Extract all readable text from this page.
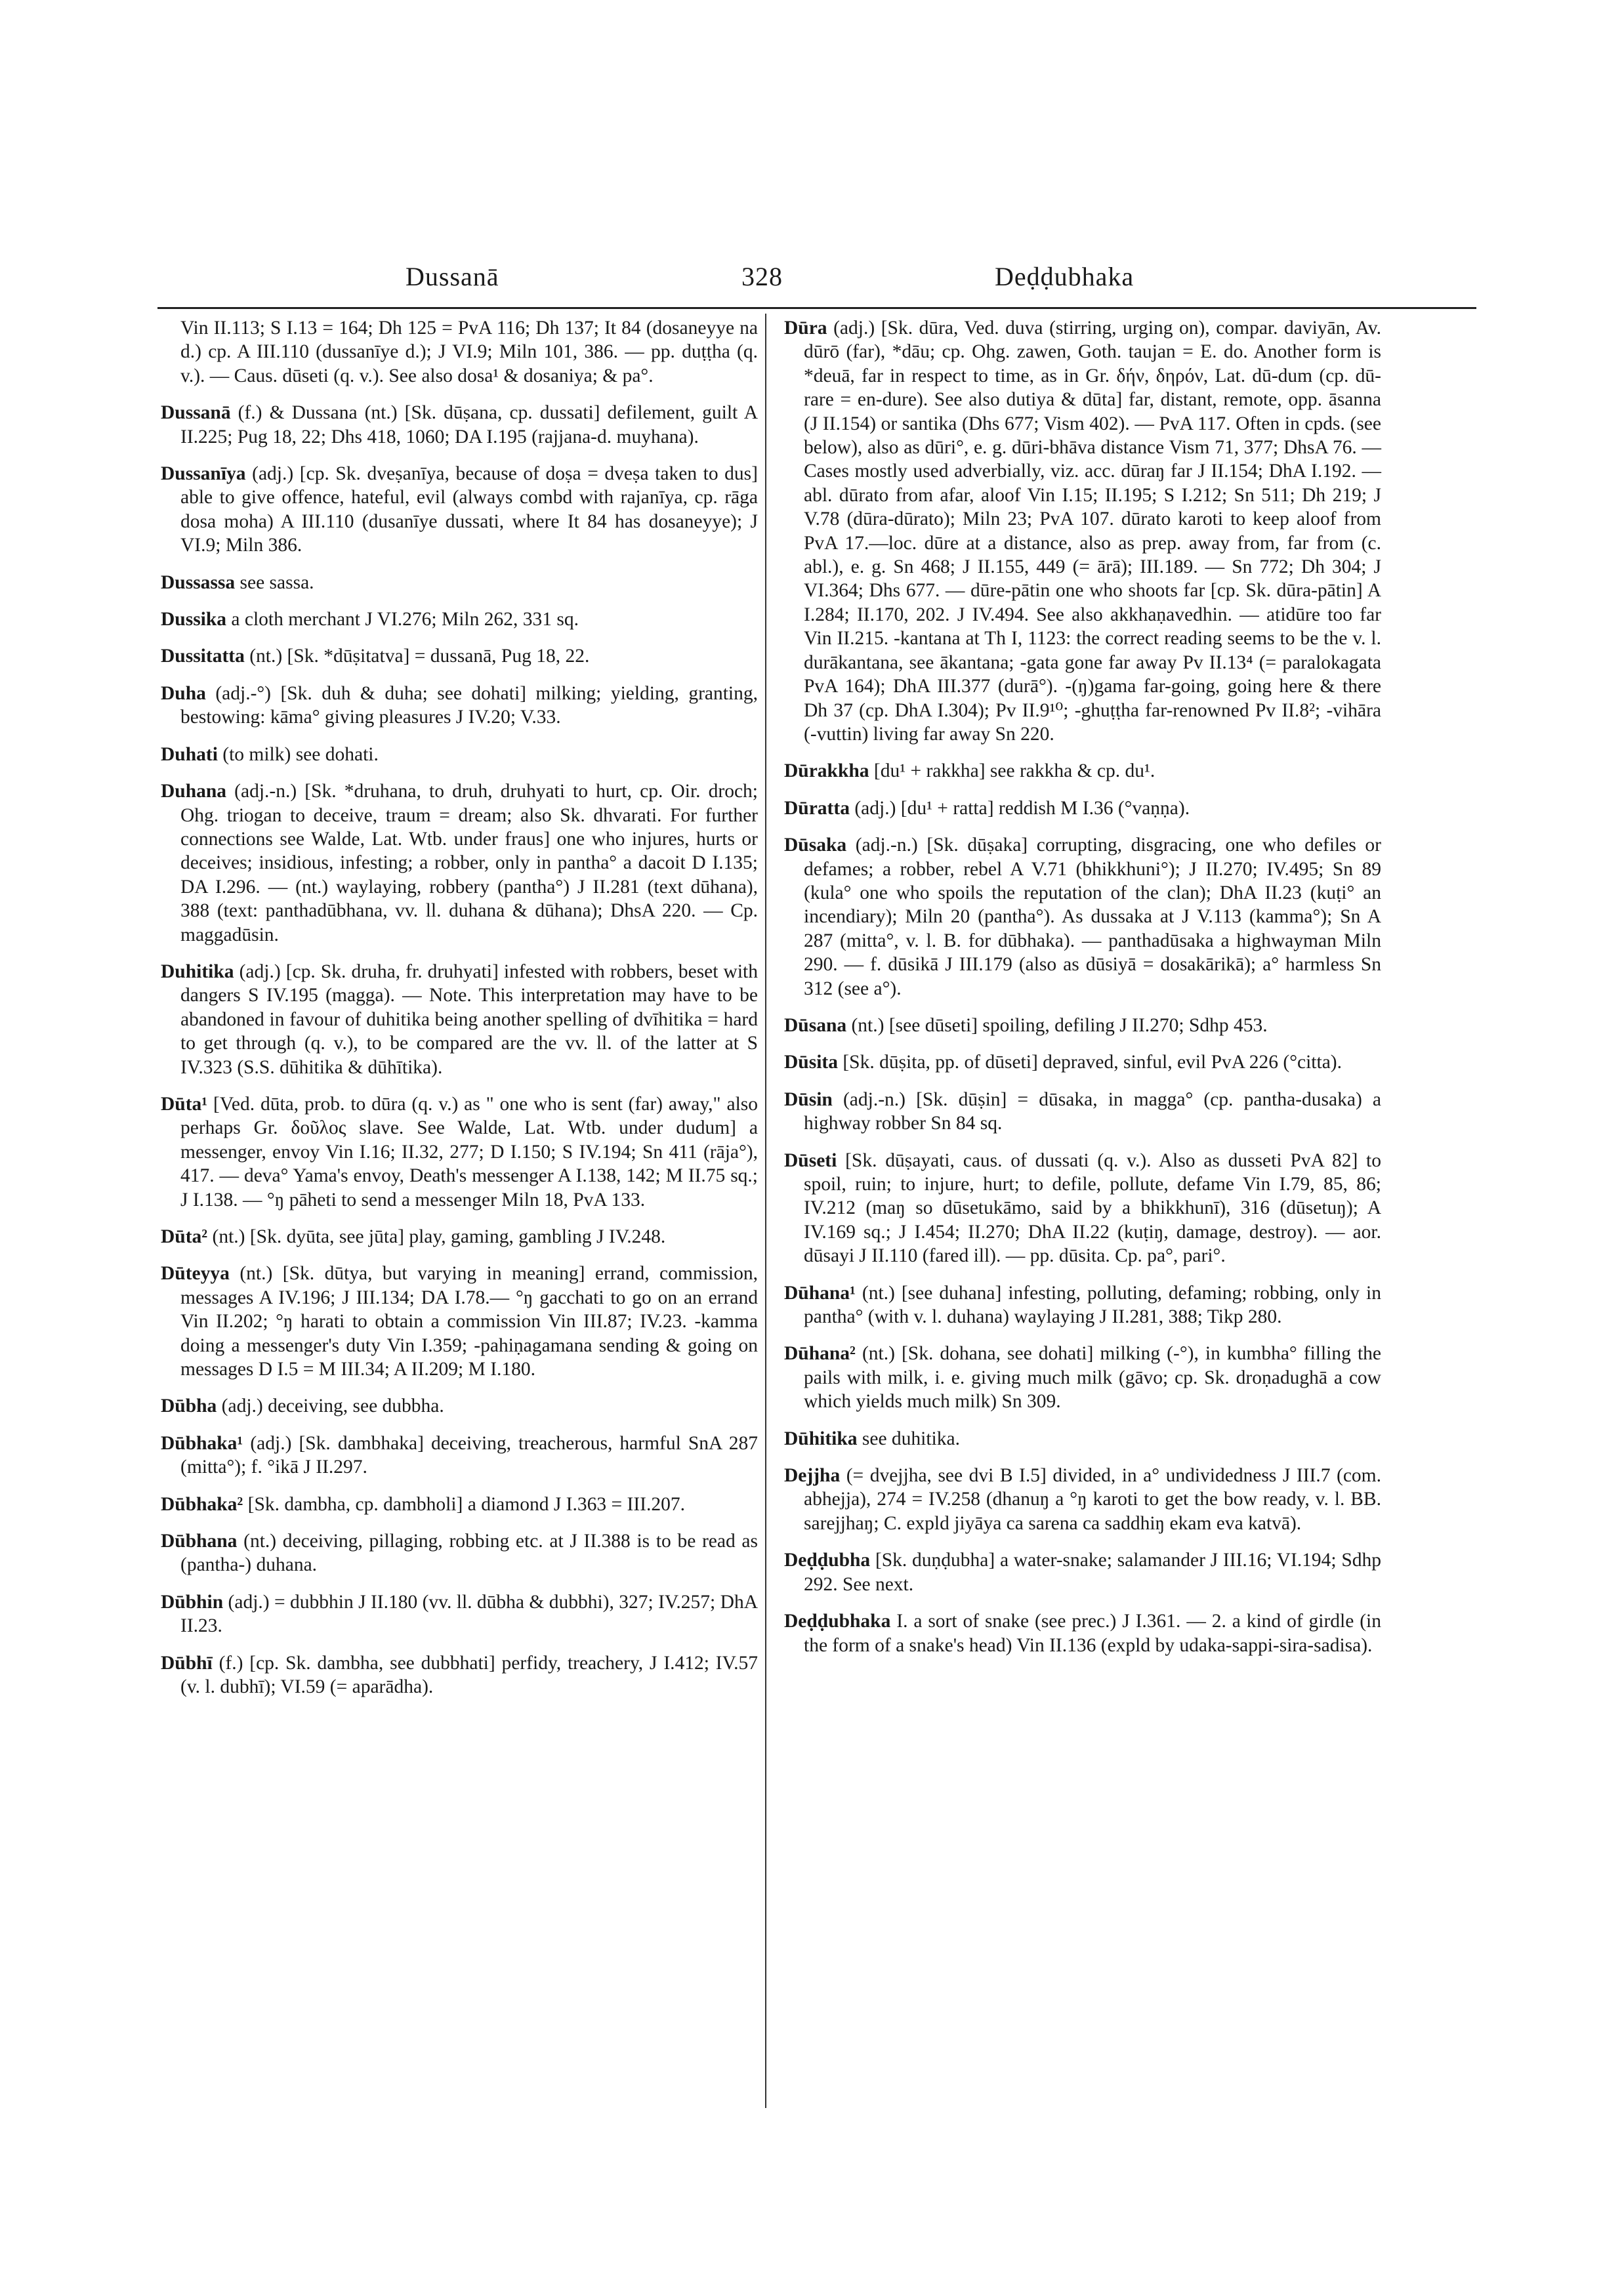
Dussanā	328	Deḍḍubhaka

Vin II.113; S I.13 = 164; Dh 125 = PvA 116; Dh 137; It 84 (dosaneyye na d.) cp. A III.110 (dussanīye d.); J VI.9; Miln 101, 386. — pp. duṭṭha (q. v.). — Caus. dūseti (q. v.). See also dosa¹ & dosaniya; & pa°.

Dussanā (f.) & Dussana (nt.) [Sk. dūṣana, cp. dussati] defilement, guilt A II.225; Pug 18, 22; Dhs 418, 1060; DA I.195 (rajjana-d. muyhana).

Dussanīya (adj.) [cp. Sk. dveṣanīya, because of doṣa = dveṣa taken to dus] able to give offence, hateful, evil (always combd with rajanīya, cp. rāga dosa moha) A III.110 (dusanīye dussati, where It 84 has dosaneyye); J VI.9; Miln 386.

Dussassa see sassa.

Dussika a cloth merchant J VI.276; Miln 262, 331 sq.

Dussitatta (nt.) [Sk. *dūṣitatva] = dussanā, Pug 18, 22.

Duha (adj.-°) [Sk. duh & duha; see dohati] milking; yielding, granting, bestowing: kāma° giving pleasures J IV.20; V.33.

Duhati (to milk) see dohati.

Duhana (adj.-n.) [Sk. *druhana, to druh, druhyati to hurt, cp. Oir. droch; Ohg. triogan to deceive, traum = dream; also Sk. dhvarati. For further connections see Walde, Lat. Wtb. under fraus] one who injures, hurts or deceives; insidious, infesting; a robber, only in pantha° a dacoit D I.135; DA I.296. — (nt.) waylaying, robbery (pantha°) J II.281 (text dūhana), 388 (text: panthadūbhana, vv. ll. duhana & dūhana); DhsA 220. — Cp. maggadūsin.

Duhitika (adj.) [cp. Sk. druha, fr. druhyati] infested with robbers, beset with dangers S IV.195 (magga). — Note. This interpretation may have to be abandoned in favour of duhitika being another spelling of dvīhitika = hard to get through (q. v.), to be compared are the vv. ll. of the latter at S IV.323 (S.S. dūhitika & dūhītika).

Dūta¹ [Ved. dūta, prob. to dūra (q. v.) as " one who is sent (far) away," also perhaps Gr. δοῦλος slave. See Walde, Lat. Wtb. under dudum] a messenger, envoy Vin I.16; II.32, 277; D I.150; S IV.194; Sn 411 (rāja°), 417. — deva° Yama's envoy, Death's messenger A I.138, 142; M II.75 sq.; J I.138. — °ŋ pāheti to send a messenger Miln 18, PvA 133.

Dūta² (nt.) [Sk. dyūta, see jūta] play, gaming, gambling J IV.248.

Dūteyya (nt.) [Sk. dūtya, but varying in meaning] errand, commission, messages A IV.196; J III.134; DA I.78.— °ŋ gacchati to go on an errand Vin II.202; °ŋ harati to obtain a commission Vin III.87; IV.23. -kamma doing a messenger's duty Vin I.359; -pahiṇagamana sending & going on messages D I.5 = M III.34; A II.209; M I.180.

Dūbha (adj.) deceiving, see dubbha.

Dūbhaka¹ (adj.) [Sk. dambhaka] deceiving, treacherous, harmful SnA 287 (mitta°); f. °ikā J II.297.

Dūbhaka² [Sk. dambha, cp. dambholi] a diamond J I.363 = III.207.

Dūbhana (nt.) deceiving, pillaging, robbing etc. at J II.388 is to be read as (pantha-) duhana.

Dūbhin (adj.) = dubbhin J II.180 (vv. ll. dūbha & dubbhi), 327; IV.257; DhA II.23.

Dūbhī (f.) [cp. Sk. dambha, see dubbhati] perfidy, treachery, J I.412; IV.57 (v. l. dubhī); VI.59 (= aparādha).

Dūra (adj.) [Sk. dūra, Ved. duva (stirring, urging on), compar. daviyān, Av. dūrō (far), *dāu; cp. Ohg. zawen, Goth. taujan = E. do. Another form is *deuā, far in respect to time, as in Gr. δήν, δηρόν, Lat. dū-dum (cp. dū-rare = en-dure). See also dutiya & dūta] far, distant, remote, opp. āsanna (J II.154) or santika (Dhs 677; Vism 402). — PvA 117. Often in cpds. (see below), also as dūri°, e. g. dūri-bhāva distance Vism 71, 377; DhsA 76. — Cases mostly used adverbially, viz. acc. dūraŋ far J II.154; DhA I.192. — abl. dūrato from afar, aloof Vin I.15; II.195; S I.212; Sn 511; Dh 219; J V.78 (dūra-dūrato); Miln 23; PvA 107. dūrato karoti to keep aloof from PvA 17.—loc. dūre at a distance, also as prep. away from, far from (c. abl.), e. g. Sn 468; J II.155, 449 (= ārā); III.189. — Sn 772; Dh 304; J VI.364; Dhs 677. — dūre-pātin one who shoots far [cp. Sk. dūra-pātin] A I.284; II.170, 202. J IV.494. See also akkhaṇavedhin. — atidūre too far Vin II.215. -kantana at Th I, 1123: the correct reading seems to be the v. l. durākantana, see ākantana; -gata gone far away Pv II.13⁴ (= paralokagata PvA 164); DhA III.377 (durā°). -(ŋ)gama far-going, going here & there Dh 37 (cp. DhA I.304); Pv II.9¹⁰; -ghuṭṭha far-renowned Pv II.8²; -vihāra (-vuttin) living far away Sn 220.

Dūrakkha [du¹ + rakkha] see rakkha & cp. du¹.

Dūratta (adj.) [du¹ + ratta] reddish M I.36 (°vaṇṇa).

Dūsaka (adj.-n.) [Sk. dūṣaka] corrupting, disgracing, one who defiles or defames; a robber, rebel A V.71 (bhikkhuni°); J II.270; IV.495; Sn 89 (kula° one who spoils the reputation of the clan); DhA II.23 (kuṭi° an incendiary); Miln 20 (pantha°). As dussaka at J V.113 (kamma°); Sn A 287 (mitta°, v. l. B. for dūbhaka). — panthadūsaka a highwayman Miln 290. — f. dūsikā J III.179 (also as dūsiyā = dosakārikā); a° harmless Sn 312 (see a°).

Dūsana (nt.) [see dūseti] spoiling, defiling J II.270; Sdhp 453.

Dūsita [Sk. dūṣita, pp. of dūseti] depraved, sinful, evil PvA 226 (°citta).

Dūsin (adj.-n.) [Sk. dūṣin] = dūsaka, in magga° (cp. pantha-dusaka) a highway robber Sn 84 sq.

Dūseti [Sk. dūṣayati, caus. of dussati (q. v.). Also as dusseti PvA 82] to spoil, ruin; to injure, hurt; to defile, pollute, defame Vin I.79, 85, 86; IV.212 (maŋ so dūsetukāmo, said by a bhikkhunī), 316 (dūsetuŋ); A IV.169 sq.; J I.454; II.270; DhA II.22 (kuṭiŋ, damage, destroy). — aor. dūsayi J II.110 (fared ill). — pp. dūsita. Cp. pa°, pari°.

Dūhana¹ (nt.) [see duhana] infesting, polluting, defaming; robbing, only in pantha° (with v. l. duhana) waylaying J II.281, 388; Tikp 280.

Dūhana² (nt.) [Sk. dohana, see dohati] milking (-°), in kumbha° filling the pails with milk, i. e. giving much milk (gāvo; cp. Sk. droṇadughā a cow which yields much milk) Sn 309.

Dūhitika see duhitika.

Dejjha (= dvejjha, see dvi B I.5] divided, in a° undividedness J III.7 (com. abhejja), 274 = IV.258 (dhanuŋ a °ŋ karoti to get the bow ready, v. l. BB. sarejjhaŋ; C. expld jiyāya ca sarena ca saddhiŋ ekam eva katvā).

Deḍḍubha [Sk. duṇḍubha] a water-snake; salamander J III.16; VI.194; Sdhp 292. See next.

Deḍḍubhaka I. a sort of snake (see prec.) J I.361. — 2. a kind of girdle (in the form of a snake's head) Vin II.136 (expld by udaka-sappi-sira-sadisa).
